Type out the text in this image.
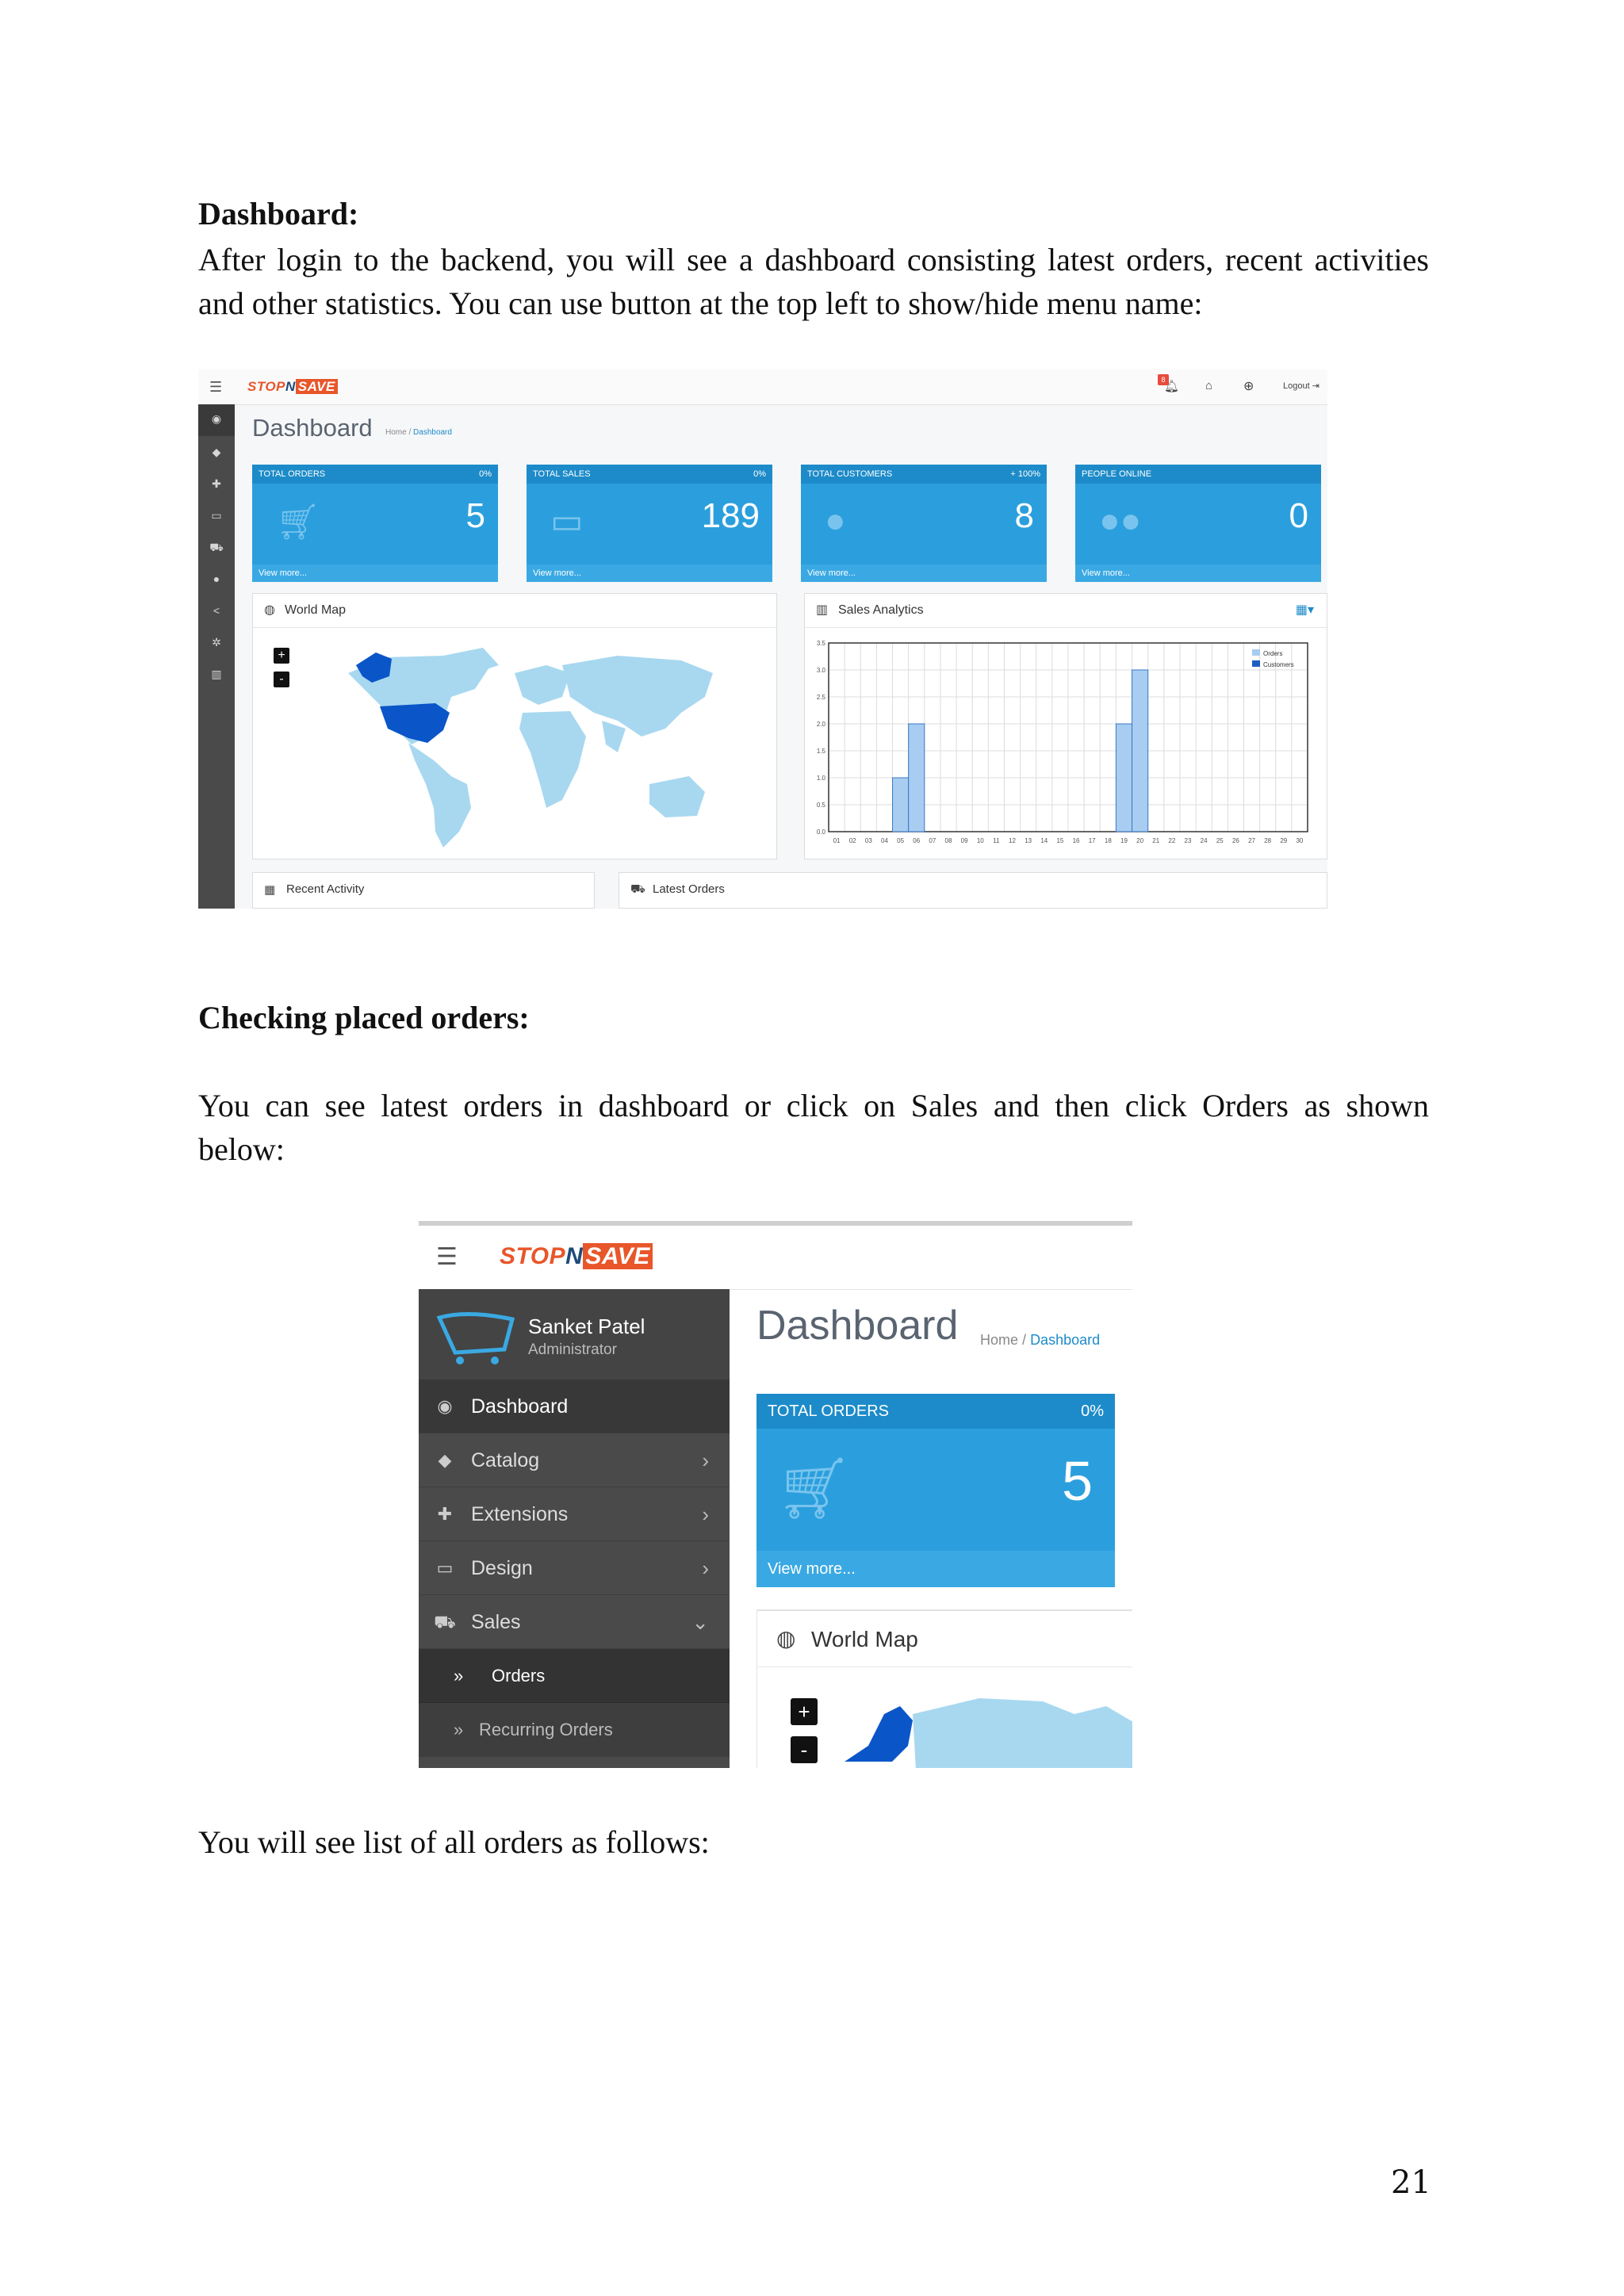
Dashboard:
After login to the backend, you will see a dashboard consisting latest orders, recent activities
and other statistics. You can use button at the top left to show/hide menu name:
☰ STOPN SAVE	8
🔔︎ ⌂ ⊕	Logout ⇥
◉
◆
✚
▭
⛟
●
<
✲
▥
Dashboard Home / Dashboard
TOTAL ORDERS	0%
🛒︎	5
View more...
TOTAL SALES	0%
▭	189
View more...
TOTAL CUSTOMERS	+ 100%
●	8
View more...
PEOPLE ONLINE
●●	0
View more...
◍ World Map
+
-
▥ Sales Analytics	▦▾
0.0
0.5
1.0
1.5
2.0
2.5
3.0
3.5
01 02 03 04 05 06 07 08 09 10 11 12 13 14 15 16 17 18 19 20 21 22 23 24 25 26 27 28 29 30
Orders
Customers
▦ Recent Activity	⛟ Latest Orders
Checking placed orders:
You can see latest orders in dashboard or click on Sales and then click Orders as shown
below:
☰ STOPN SAVE
Sanket Patel
Administrator
◉ Dashboard
◆ Catalog	›
✚ Extensions	›
▭ Design	›
⛟ Sales	⌄
» Orders
» Recurring Orders
Dashboard Home / Dashboard
TOTAL ORDERS	0%
🛒︎	5
View more...
◍ World Map
+
-
You will see list of all orders as follows:
21
